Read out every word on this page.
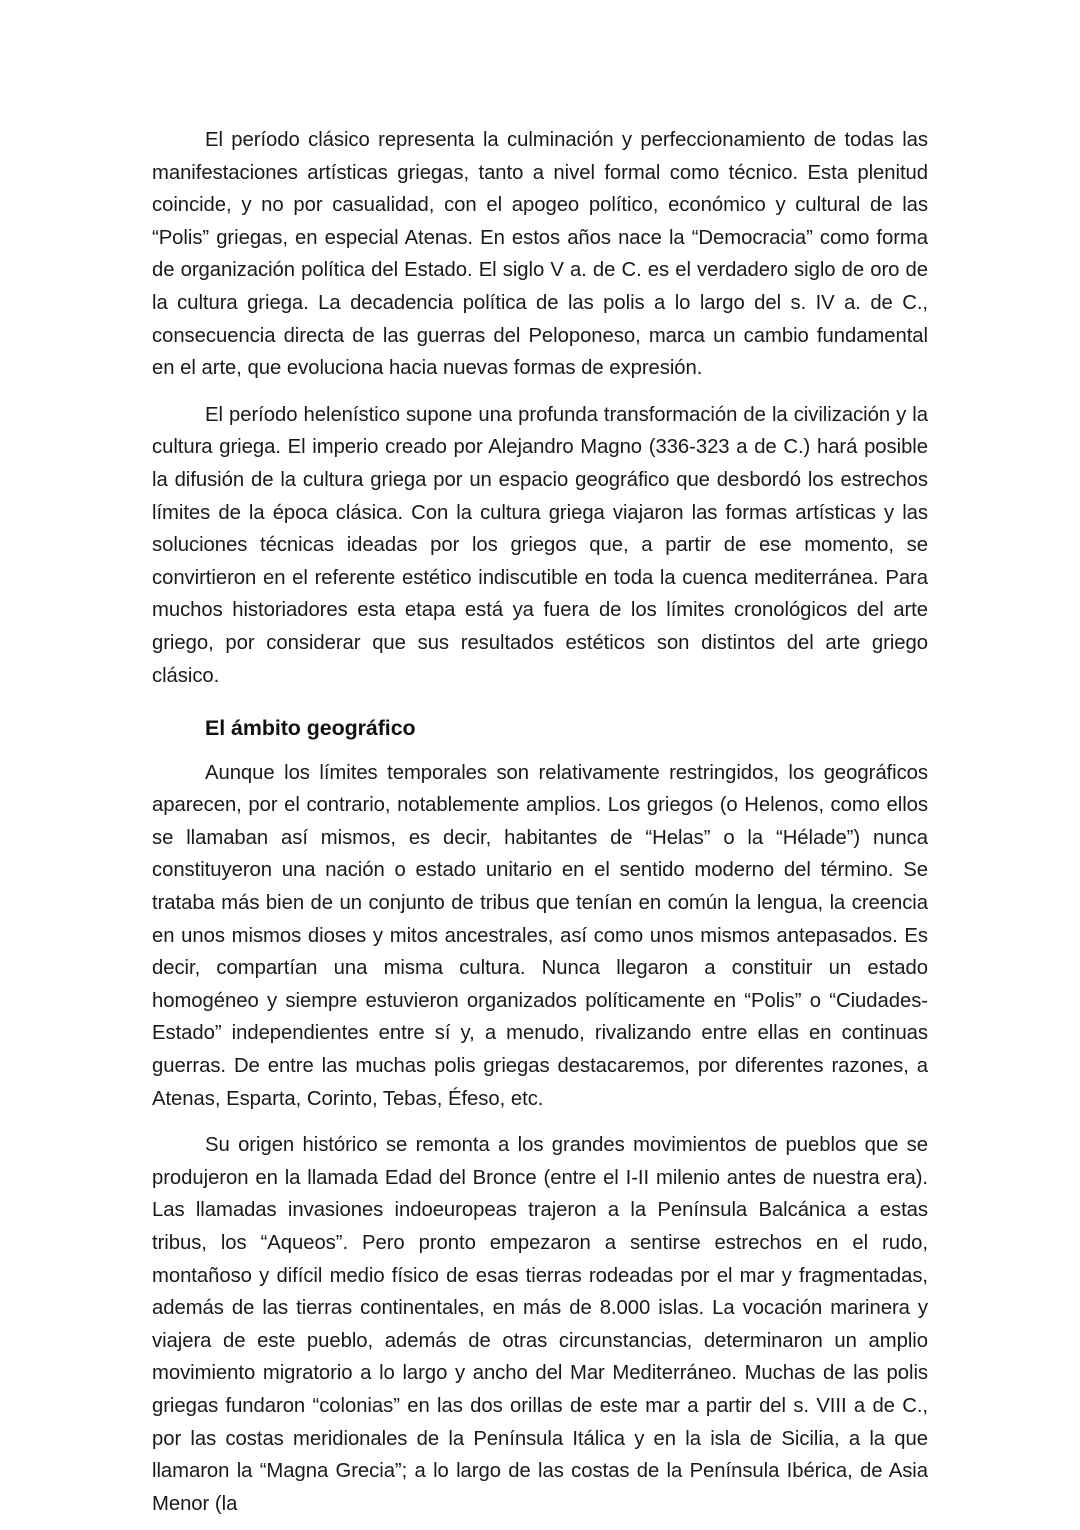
El período clásico representa la culminación y perfeccionamiento de todas las manifestaciones artísticas griegas, tanto a nivel formal como técnico. Esta plenitud coincide, y no por casualidad, con el apogeo político, económico y cultural de las “Polis” griegas, en especial Atenas. En estos años nace la “Democracia” como forma de organización política del Estado. El siglo V a. de C. es el verdadero siglo de oro de la cultura griega. La decadencia política de las polis a lo largo del s. IV a. de C., consecuencia directa de las guerras del Peloponeso, marca un cambio fundamental en el arte, que evoluciona hacia nuevas formas de expresión.

El período helenístico supone una profunda transformación de la civilización y la cultura griega. El imperio creado por Alejandro Magno (336-323 a de C.) hará posible la difusión de la cultura griega por un espacio geográfico que desbordó los estrechos límites de la época clásica. Con la cultura griega viajaron las formas artísticas y las soluciones técnicas ideadas por los griegos que, a partir de ese momento, se convirtieron en el referente estético indiscutible en toda la cuenca mediterránea. Para muchos historiadores esta etapa está ya fuera de los límites cronológicos del arte griego, por considerar que sus resultados estéticos son distintos del arte griego clásico.

El ámbito geográfico

Aunque los límites temporales son relativamente restringidos, los geográficos aparecen, por el contrario, notablemente amplios. Los griegos (o Helenos, como ellos se llamaban así mismos, es decir, habitantes de “Helas” o la “Hélade”) nunca constituyeron una nación o estado unitario en el sentido moderno del término. Se trataba más bien de un conjunto de tribus que tenían en común la lengua, la creencia en unos mismos dioses y mitos ancestrales, así como unos mismos antepasados. Es decir, compartían una misma cultura. Nunca llegaron a constituir un estado homogéneo y siempre estuvieron organizados políticamente en “Polis” o “Ciudades-Estado” independientes entre sí y, a menudo, rivalizando entre ellas en continuas guerras. De entre las muchas polis griegas destacaremos, por diferentes razones, a Atenas, Esparta, Corinto, Tebas, Éfeso, etc.

Su origen histórico se remonta a los grandes movimientos de pueblos que se produjeron en la llamada Edad del Bronce (entre el I-II milenio antes de nuestra era). Las llamadas invasiones indoeuropeas trajeron a la Península Balcánica a estas tribus, los “Aqueos”. Pero pronto empezaron a sentirse estrechos en el rudo, montañoso y difícil medio físico de esas tierras rodeadas por el mar y fragmentadas, además de las tierras continentales, en más de 8.000 islas. La vocación marinera y viajera de este pueblo, además de otras circunstancias, determinaron un amplio movimiento migratorio a lo largo y ancho del Mar Mediterráneo. Muchas de las polis griegas fundaron “colonias” en las dos orillas de este mar a partir del s. VIII a de C., por las costas meridionales de la Península Itálica y en la isla de Sicilia, a la que llamaron la “Magna Grecia”; a lo largo de las costas de la Península Ibérica, de Asia Menor (la
